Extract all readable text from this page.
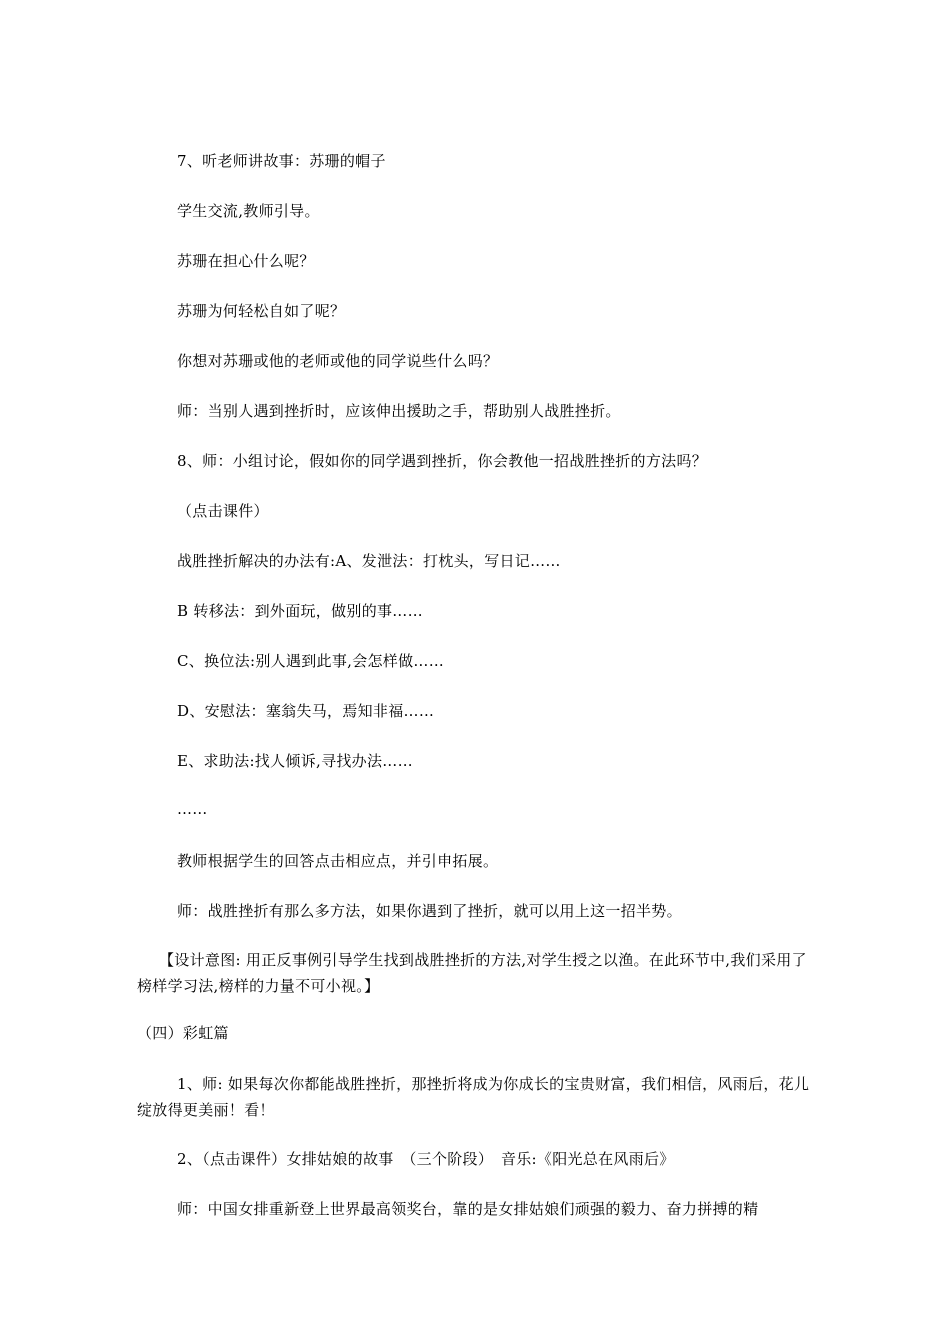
7、听老师讲故事：苏珊的帽子
学生交流,教师引导。
苏珊在担心什么呢？
苏珊为何轻松自如了呢？
你想对苏珊或他的老师或他的同学说些什么吗？
师：当别人遇到挫折时，应该伸出援助之手，帮助别人战胜挫折。
8、师：小组讨论，假如你的同学遇到挫折，你会教他一招战胜挫折的方法吗？
（点击课件）
战胜挫折解决的办法有:A、发泄法：打枕头，写日记……
B 转移法：到外面玩，做别的事……
C、换位法:别人遇到此事,会怎样做……
D、安慰法：塞翁失马，焉知非福……
E、求助法:找人倾诉,寻找办法……
……
教师根据学生的回答点击相应点，并引申拓展。
师：战胜挫折有那么多方法，如果你遇到了挫折，就可以用上这一招半势。
【设计意图: 用正反事例引导学生找到战胜挫折的方法,对学生授之以渔。在此环节中,我们采用了榜样学习法,榜样的力量不可小视。】
（四）彩虹篇
1、师: 如果每次你都能战胜挫折，那挫折将成为你成长的宝贵财富，我们相信，风雨后，花儿绽放得更美丽！看！
2、（点击课件）女排姑娘的故事　（三个阶段）　音乐:《阳光总在风雨后》
师：中国女排重新登上世界最高领奖台，靠的是女排姑娘们顽强的毅力、奋力拼搏的精
